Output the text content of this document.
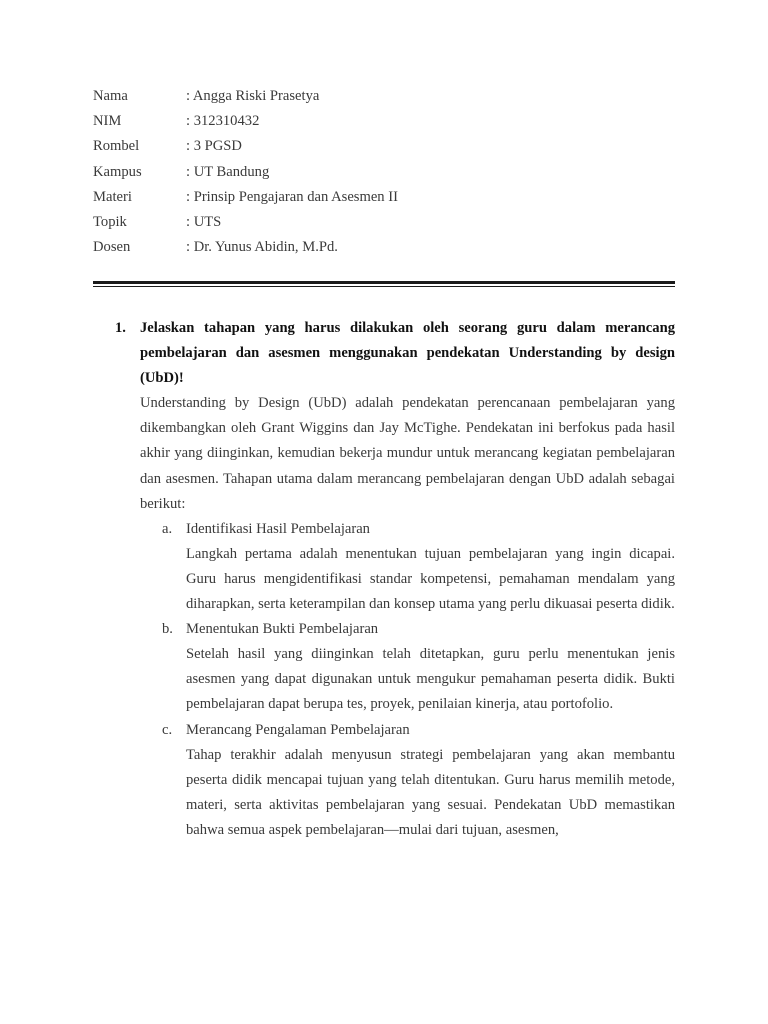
Nama	: Angga Riski Prasetya
NIM	: 312310432
Rombel	: 3 PGSD
Kampus	: UT Bandung
Materi	: Prinsip Pengajaran dan Asesmen II
Topik	: UTS
Dosen	: Dr. Yunus Abidin, M.Pd.
1. Jelaskan tahapan yang harus dilakukan oleh seorang guru dalam merancang pembelajaran dan asesmen menggunakan pendekatan Understanding by design (UbD)!

Understanding by Design (UbD) adalah pendekatan perencanaan pembelajaran yang dikembangkan oleh Grant Wiggins dan Jay McTighe. Pendekatan ini berfokus pada hasil akhir yang diinginkan, kemudian bekerja mundur untuk merancang kegiatan pembelajaran dan asesmen. Tahapan utama dalam merancang pembelajaran dengan UbD adalah sebagai berikut:

a. Identifikasi Hasil Pembelajaran

Langkah pertama adalah menentukan tujuan pembelajaran yang ingin dicapai. Guru harus mengidentifikasi standar kompetensi, pemahaman mendalam yang diharapkan, serta keterampilan dan konsep utama yang perlu dikuasai peserta didik.

b. Menentukan Bukti Pembelajaran

Setelah hasil yang diinginkan telah ditetapkan, guru perlu menentukan jenis asesmen yang dapat digunakan untuk mengukur pemahaman peserta didik. Bukti pembelajaran dapat berupa tes, proyek, penilaian kinerja, atau portofolio.

c. Merancang Pengalaman Pembelajaran

Tahap terakhir adalah menyusun strategi pembelajaran yang akan membantu peserta didik mencapai tujuan yang telah ditentukan. Guru harus memilih metode, materi, serta aktivitas pembelajaran yang sesuai. Pendekatan UbD memastikan bahwa semua aspek pembelajaran—mulai dari tujuan, asesmen,
